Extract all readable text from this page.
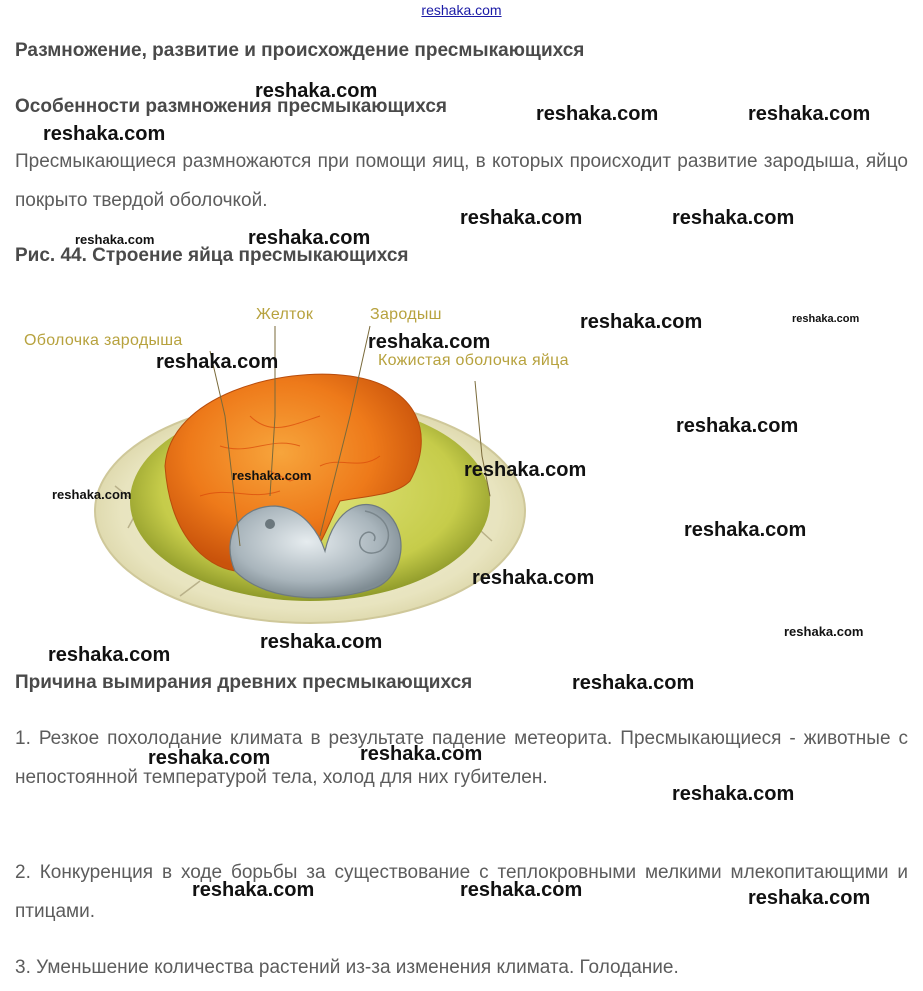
reshaka.com
Размножение, развитие и происхождение пресмыкающихся
Особенности размножения пресмыкающихся
Пресмыкающиеся размножаются при помощи яиц, в которых происходит развитие зародыша, яйцо покрыто твердой оболочкой.
Рис. 44. Строение яйца пресмыкающихся
Оболочка зародыша
Желток	Зародыш
Кожистая оболочка яйца
Причина вымирания древних пресмыкающихся
1. Резкое похолодание климата в результате падение метеорита. Пресмыкающиеся - животные с непостоянной температурой тела, холод для них губителен.
2. Конкуренция в ходе борьбы за существование с теплокровными мелкими млекопитающими и птицами.
3. Уменьшение количества растений из-за изменения климата. Голодание.
reshaka.com
reshaka.com
reshaka.com	reshaka.com
reshaka.com	reshaka.com
reshaka.com	reshaka.com
reshaka.com	reshaka.com
reshaka.com
reshaka.com
reshaka.com
reshaka.com
reshaka.com
reshaka.com
reshaka.com
reshaka.com
reshaka.com
reshaka.com
reshaka.com
reshaka.com
reshaka.com
reshaka.com
reshaka.com
reshaka.com	reshaka.com	reshaka.com
